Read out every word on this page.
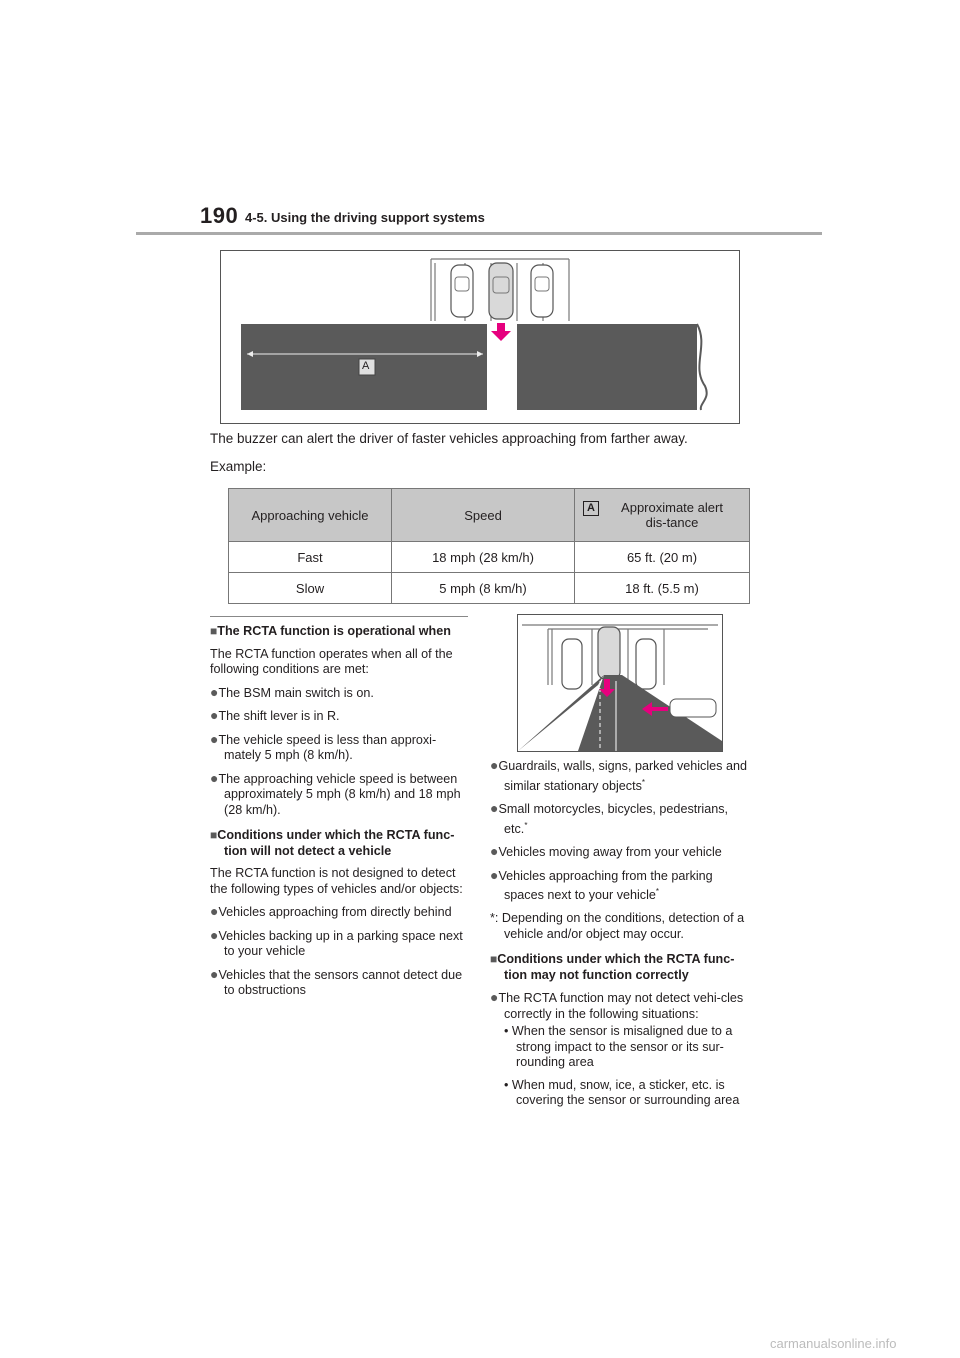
190 4-5. Using the driving support systems
A
The buzzer can alert the driver of faster vehicles approaching from farther away.
Example:
Approaching vehicle	Speed	A Approximate alert dis-tance
Fast	18 mph (28 km/h)	65 ft. (20 m)
Slow	5 mph (8 km/h)	18 ft. (5.5 m)

■The RCTA function is operational when

The RCTA function operates when all of the following conditions are met:

●The BSM main switch is on.

●The shift lever is in R.

●The vehicle speed is less than approxi-mately 5 mph (8 km/h).

●The approaching vehicle speed is between approximately 5 mph (8 km/h) and 18 mph (28 km/h).

■Conditions under which the RCTA func-tion will not detect a vehicle

The RCTA function is not designed to detect the following types of vehicles and/or objects:

●Vehicles approaching from directly behind

●Vehicles backing up in a parking space next to your vehicle

●Vehicles that the sensors cannot detect due to obstructions

●Guardrails, walls, signs, parked vehicles and similar stationary objects*

●Small motorcycles, bicycles, pedestrians, etc.*

●Vehicles moving away from your vehicle

●Vehicles approaching from the parking spaces next to your vehicle*

*: Depending on the conditions, detection of a vehicle and/or object may occur.

■Conditions under which the RCTA func-tion may not function correctly

●The RCTA function may not detect vehi-cles correctly in the following situations:

• When the sensor is misaligned due to a strong impact to the sensor or its sur-rounding area

• When mud, snow, ice, a sticker, etc. is covering the sensor or surrounding area

carmanualsonline.info
